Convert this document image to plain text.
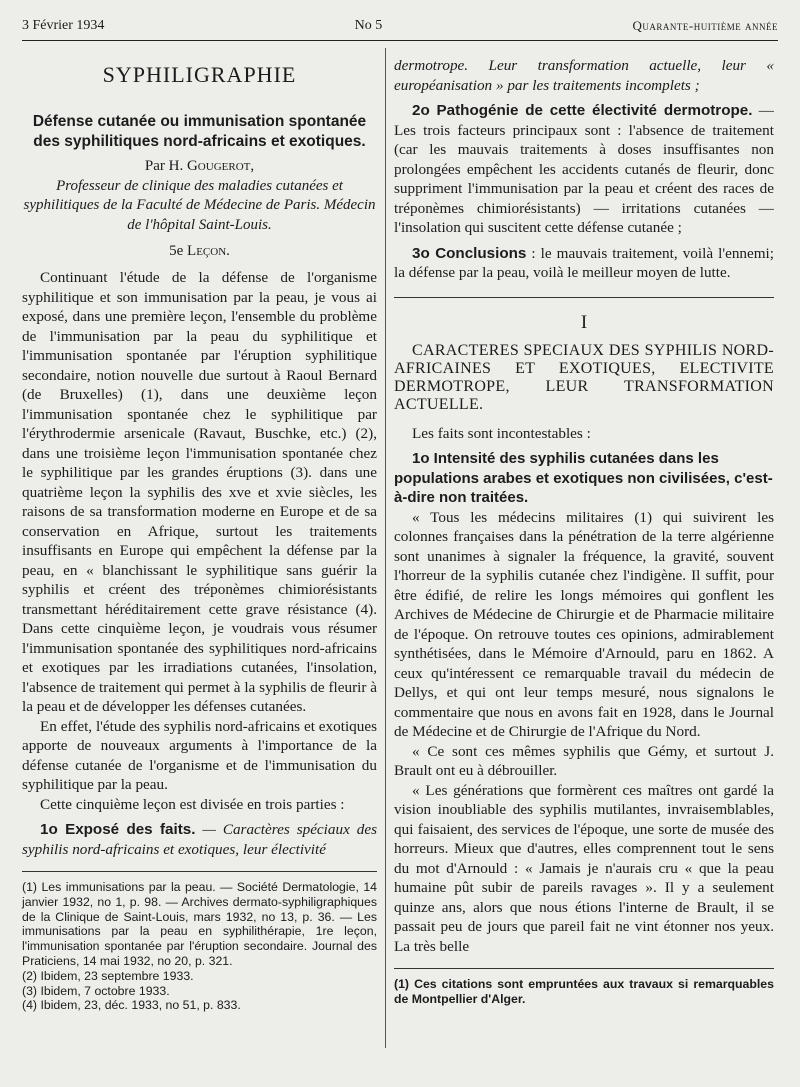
3 Février 1934	No 5	Quarante-huitième année
SYPHILIGRAPHIE
Défense cutanée ou immunisation spontanée des syphilitiques nord-africains et exotiques.
Par H. Gougerot,
Professeur de clinique des maladies cutanées et syphilitiques de la Faculté de Médecine de Paris. Médecin de l'hôpital Saint-Louis.
5e Leçon.

Continuant l'étude de la défense de l'organisme syphilitique et son immunisation par la peau, je vous ai exposé, dans une première leçon, l'ensemble du problème de l'immunisation par la peau du syphilitique et l'immunisation spontanée par l'éruption syphilitique secondaire, notion nouvelle due surtout à Raoul Bernard (de Bruxelles) (1), dans une deuxième leçon l'immunisation spontanée chez le syphilitique par l'érythrodermie arsenicale (Ravaut, Buschke, etc.) (2), dans une troisième leçon l'immunisation spontanée chez le syphilitique par les grandes éruptions (3). dans une quatrième leçon la syphilis des xve et xvie siècles, les raisons de sa transformation moderne en Europe et de sa conservation en Afrique, surtout les traitements insuffisants en Europe qui empêchent la défense par la peau, en « blanchissant le syphilitique sans guérir la syphilis et créent des tréponèmes chimiorésistants transmettant héréditairement cette grave résistance (4). Dans cette cinquième leçon, je voudrais vous résumer l'immunisation spontanée des syphilitiques nord-africains et exotiques par les irradiations cutanées, l'insolation, l'absence de traitement qui permet à la syphilis de fleurir à la peau et de développer les défenses cutanées.

En effet, l'étude des syphilis nord-africains et exotiques apporte de nouveaux arguments à l'importance de la défense cutanée de l'organisme et de l'immunisation du syphilitique par la peau.

Cette cinquième leçon est divisée en trois parties :

1o Exposé des faits. — Caractères spéciaux des syphilis nord-africains et exotiques, leur électivité

(1) Les immunisations par la peau. — Société Dermatologie, 14 janvier 1932, no 1, p. 98. — Archives dermato-syphiligraphiques de la Clinique de Saint-Louis, mars 1932, no 13, p. 36. — Les immunisations par la peau en syphilithérapie, 1re leçon, l'immunisation spontanée par l'éruption secondaire. Journal des Praticiens, 14 mai 1932, no 20, p. 321.

(2) Ibidem, 23 septembre 1933.

(3) Ibidem, 7 octobre 1933.

(4) Ibidem, 23, déc. 1933, no 51, p. 833.

dermotrope. Leur transformation actuelle, leur « européanisation » par les traitements incomplets ;

2o Pathogénie de cette électivité dermotrope. — Les trois facteurs principaux sont : l'absence de traitement (car les mauvais traitements à doses insuffisantes non prolongées empêchent les accidents cutanés de fleurir, donc suppriment l'immunisation par la peau et créent des races de tréponèmes chimiorésistants) — irritations cutanées — l'insolation qui suscitent cette défense cutanée ;

3o Conclusions : le mauvais traitement, voilà l'ennemi; la défense par la peau, voilà le meilleur moyen de lutte.

I

CARACTERES SPECIAUX DES SYPHILIS NORD-AFRICAINES ET EXOTIQUES, ELECTIVITE DERMOTROPE, LEUR TRANSFORMATION ACTUELLE.

Les faits sont incontestables :

1o Intensité des syphilis cutanées dans les populations arabes et exotiques non civilisées, c'est-à-dire non traitées.

« Tous les médecins militaires (1) qui suivirent les colonnes françaises dans la pénétration de la terre algérienne sont unanimes à signaler la fréquence, la gravité, souvent l'horreur de la syphilis cutanée chez l'indigène. Il suffit, pour être édifié, de relire les longs mémoires qui gonflent les Archives de Médecine de Chirurgie et de Pharmacie militaire de l'époque. On retrouve toutes ces opinions, admirablement synthétisées, dans le Mémoire d'Arnould, paru en 1862. A ceux qu'intéressent ce remarquable travail du médecin de Dellys, et qui ont leur temps mesuré, nous signalons le commentaire que nous en avons fait en 1928, dans le Journal de Médecine et de Chirurgie de l'Afrique du Nord.

« Ce sont ces mêmes syphilis que Gémy, et surtout J. Brault ont eu à débrouiller.

« Les générations que formèrent ces maîtres ont gardé la vision inoubliable des syphilis mutilantes, invraisemblables, qui faisaient, des services de l'époque, une sorte de musée des horreurs. Mieux que d'autres, elles comprennent tout le sens du mot d'Arnould : « Jamais je n'aurais cru « que la peau humaine pût subir de pareils ravages ». Il y a seulement quinze ans, alors que nous étions l'interne de Brault, il se passait peu de jours que pareil fait ne vint étonner nos yeux. La très belle

(1) Ces citations sont empruntées aux travaux si remarquables de Montpellier d'Alger.
